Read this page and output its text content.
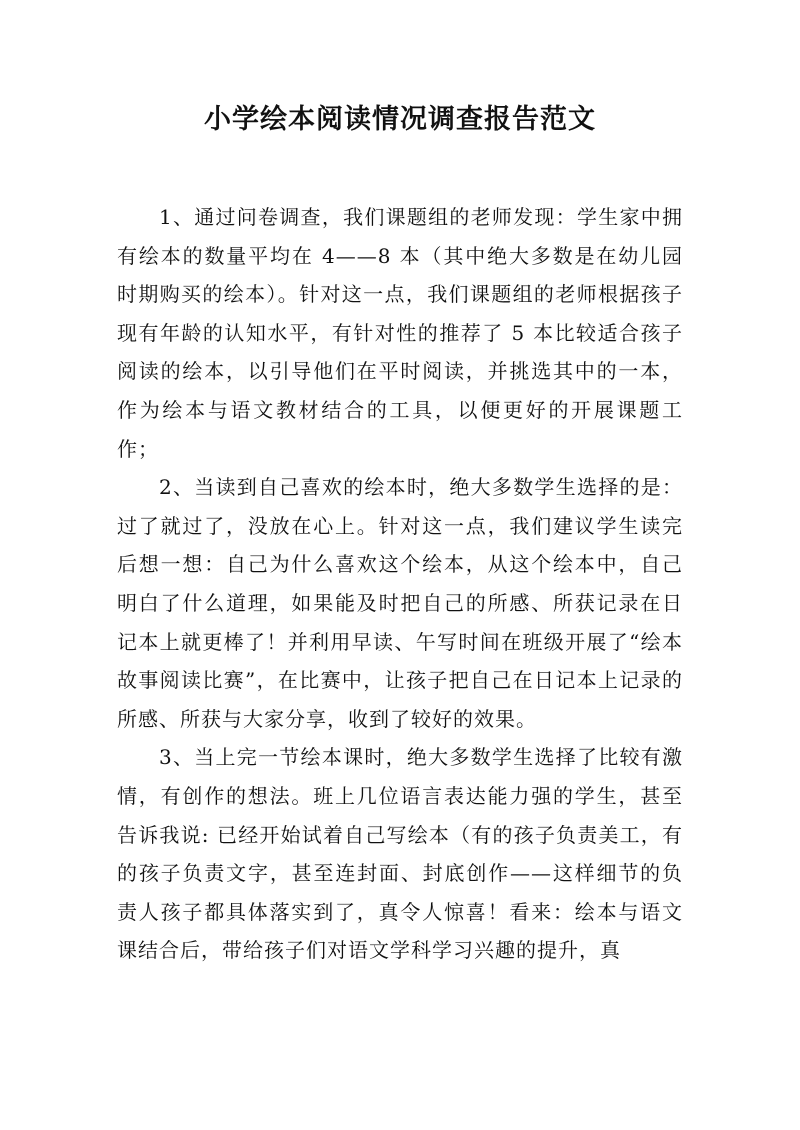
小学绘本阅读情况调查报告范文

1、通过问卷调查，我们课题组的老师发现：学生家中拥有绘本的数量平均在 4——8 本（其中绝大多数是在幼儿园时期购买的绘本）。针对这一点，我们课题组的老师根据孩子现有年龄的认知水平，有针对性的推荐了 5 本比较适合孩子阅读的绘本，以引导他们在平时阅读，并挑选其中的一本，作为绘本与语文教材结合的工具，以便更好的开展课题工作；

2、当读到自己喜欢的绘本时，绝大多数学生选择的是：过了就过了，没放在心上。针对这一点，我们建议学生读完后想一想：自己为什么喜欢这个绘本，从这个绘本中，自己明白了什么道理，如果能及时把自己的所感、所获记录在日记本上就更棒了！并利用早读、午写时间在班级开展了“绘本故事阅读比赛”，在比赛中，让孩子把自己在日记本上记录的所感、所获与大家分享，收到了较好的效果。

3、当上完一节绘本课时，绝大多数学生选择了比较有激情，有创作的想法。班上几位语言表达能力强的学生，甚至告诉我说: 已经开始试着自己写绘本（有的孩子负责美工，有的孩子负责文字，甚至连封面、封底创作——这样细节的负责人孩子都具体落实到了，真令人惊喜！看来：绘本与语文课结合后，带给孩子们对语文学科学习兴趣的提升，真
